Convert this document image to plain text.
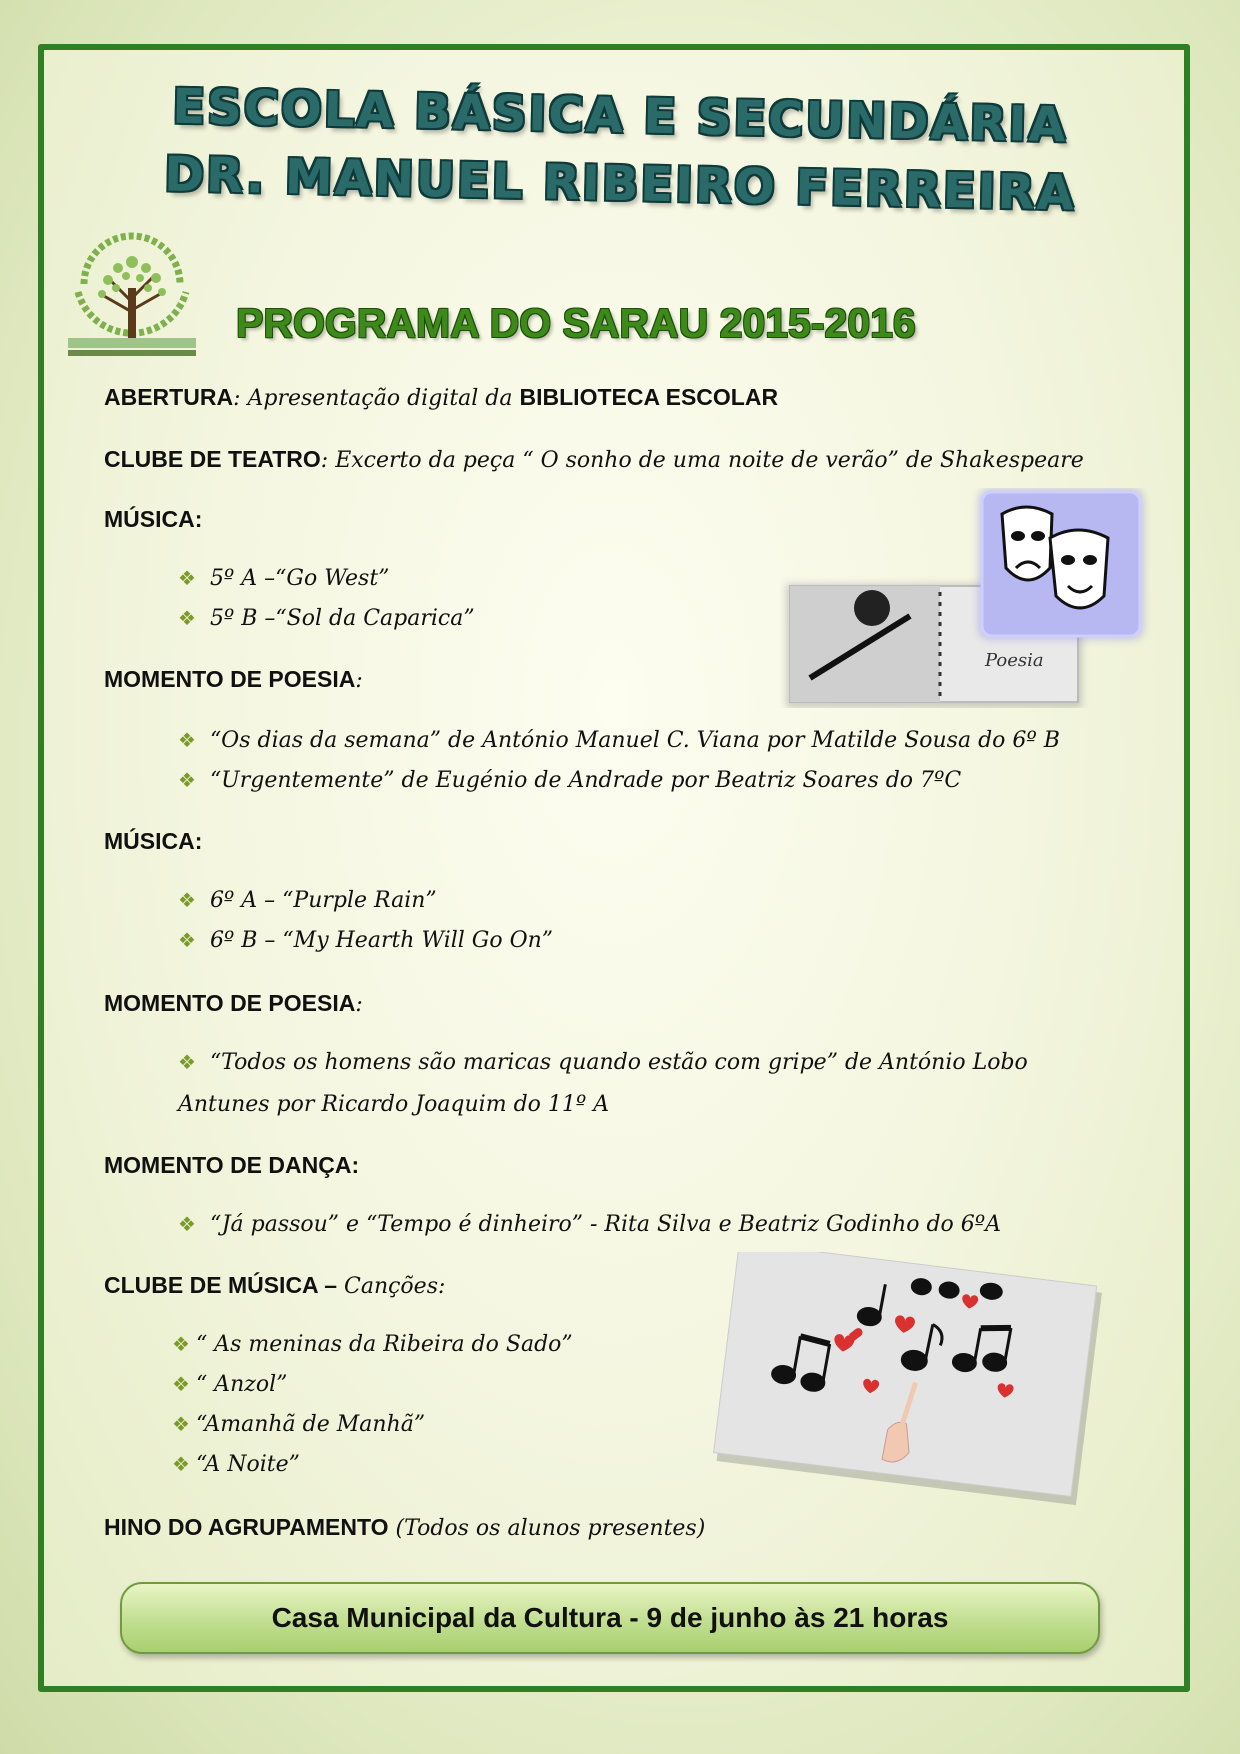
ESCOLA BÁSICA E SECUNDÁRIA
DR. MANUEL RIBEIRO FERREIRA
PROGRAMA DO SARAU 2015-2016
ABERTURA: Apresentação digital da BIBLIOTECA ESCOLAR
CLUBE DE TEATRO: Excerto da peça “ O sonho de uma noite de verão” de Shakespeare
MÚSICA:
❖ 5º A –“Go West”
❖ 5º B –“Sol da Caparica”
Poesia
MOMENTO DE POESIA:
❖ “Os dias da semana” de António Manuel C. Viana por Matilde Sousa do 6º B
❖ “Urgentemente” de Eugénio de Andrade por Beatriz Soares do 7ºC
MÚSICA:
❖ 6º A – “Purple Rain”
❖ 6º B – “My Hearth Will Go On”
MOMENTO DE POESIA:
❖ “Todos os homens são maricas quando estão com gripe” de António Lobo
Antunes por Ricardo Joaquim do 11º A
MOMENTO DE DANÇA:
❖ “Já passou” e “Tempo é dinheiro” - Rita Silva e Beatriz Godinho do 6ºA
CLUBE DE MÚSICA – Canções:
❖ “ As meninas da Ribeira do Sado”
❖ “ Anzol”
❖ “Amanhã de Manhã”
❖ “A Noite”
HINO DO AGRUPAMENTO (Todos os alunos presentes)
Casa Municipal da Cultura - 9 de junho às 21 horas
